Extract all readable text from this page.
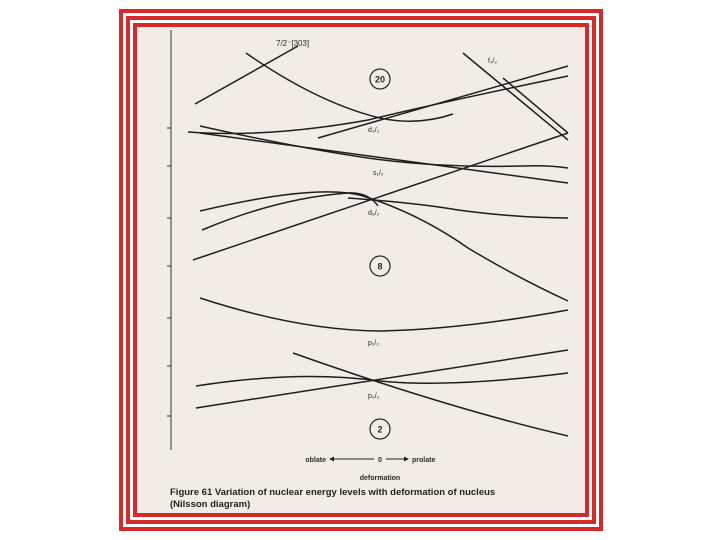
20
8
2
7/2⁻[303]
f₇/₂
d₃/₂
s₁/₂
d₅/₂
p₁/₂
p₃/₂
oblate	0	prolate
deformation
Figure 61 Variation of nuclear energy levels with deformation of nucleus
(Nilsson diagram)
